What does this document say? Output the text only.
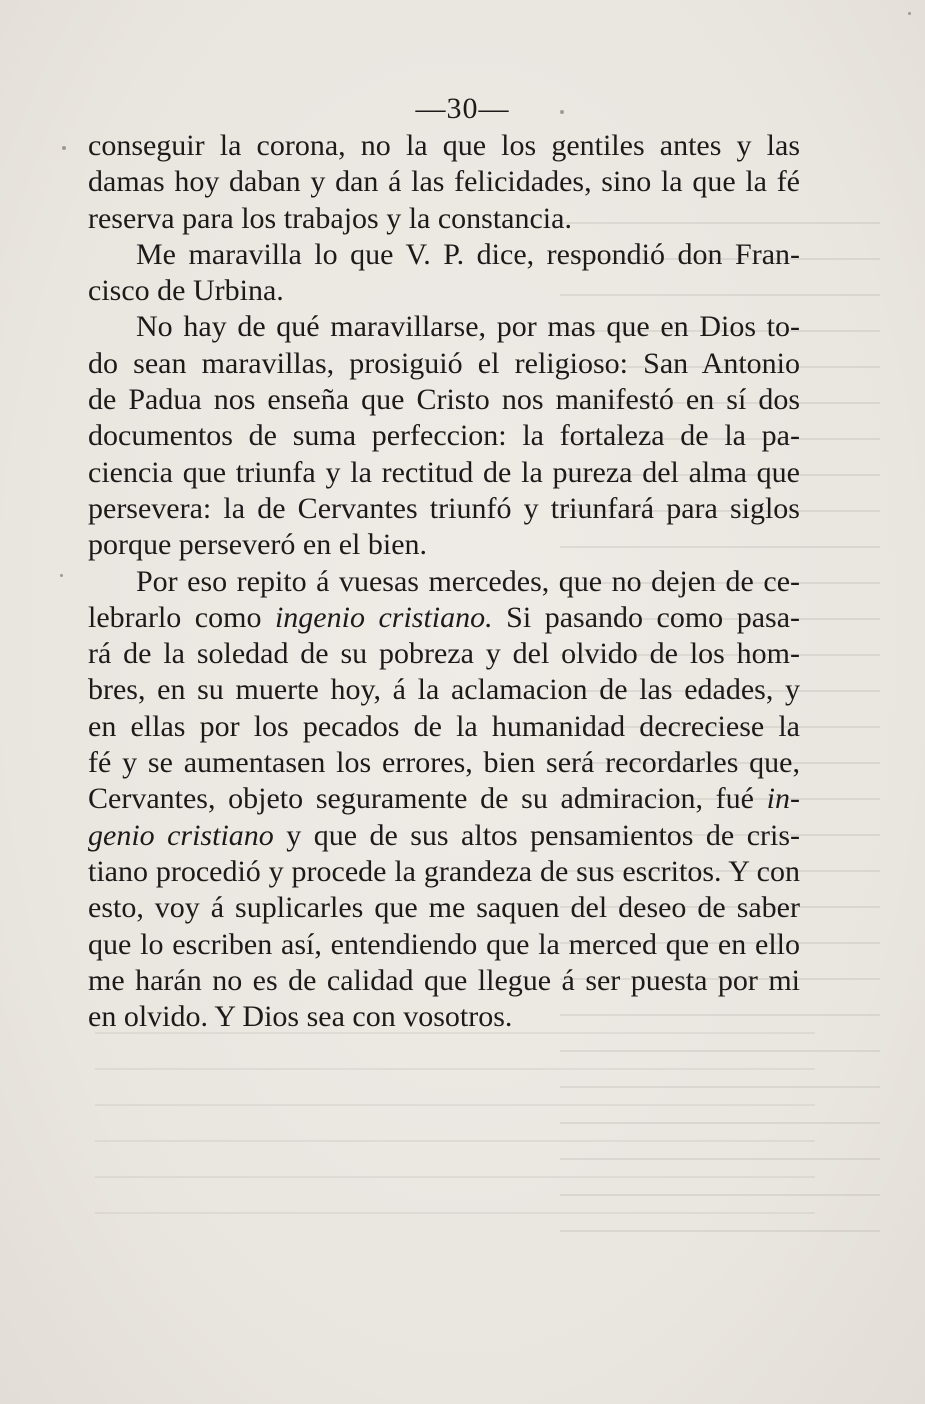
—30—

conseguir la corona, no la que los gentiles antes y las
damas hoy daban y dan á las felicidades, sino la que la fé
reserva para los trabajos y la constancia.

Me maravilla lo que V. P. dice, respondió don Fran-
cisco de Urbina.

No hay de qué maravillarse, por mas que en Dios to-
do sean maravillas, prosiguió el religioso: San Antonio
de Padua nos enseña que Cristo nos manifestó en sí dos
documentos de suma perfeccion: la fortaleza de la pa-
ciencia que triunfa y la rectitud de la pureza del alma que
persevera: la de Cervantes triunfó y triunfará para siglos
porque perseveró en el bien.

Por eso repito á vuesas mercedes, que no dejen de ce-
lebrarlo como ingenio cristiano. Si pasando como pasa-
rá de la soledad de su pobreza y del olvido de los hom-
bres, en su muerte hoy, á la aclamacion de las edades, y
en ellas por los pecados de la humanidad decreciese la
fé y se aumentasen los errores, bien será recordarles que,
Cervantes, objeto seguramente de su admiracion, fué in-
genio cristiano y que de sus altos pensamientos de cris-
tiano procedió y procede la grandeza de sus escritos. Y con
esto, voy á suplicarles que me saquen del deseo de saber
que lo escriben así, entendiendo que la merced que en ello
me harán no es de calidad que llegue á ser puesta por mi
en olvido. Y Dios sea con vosotros.
